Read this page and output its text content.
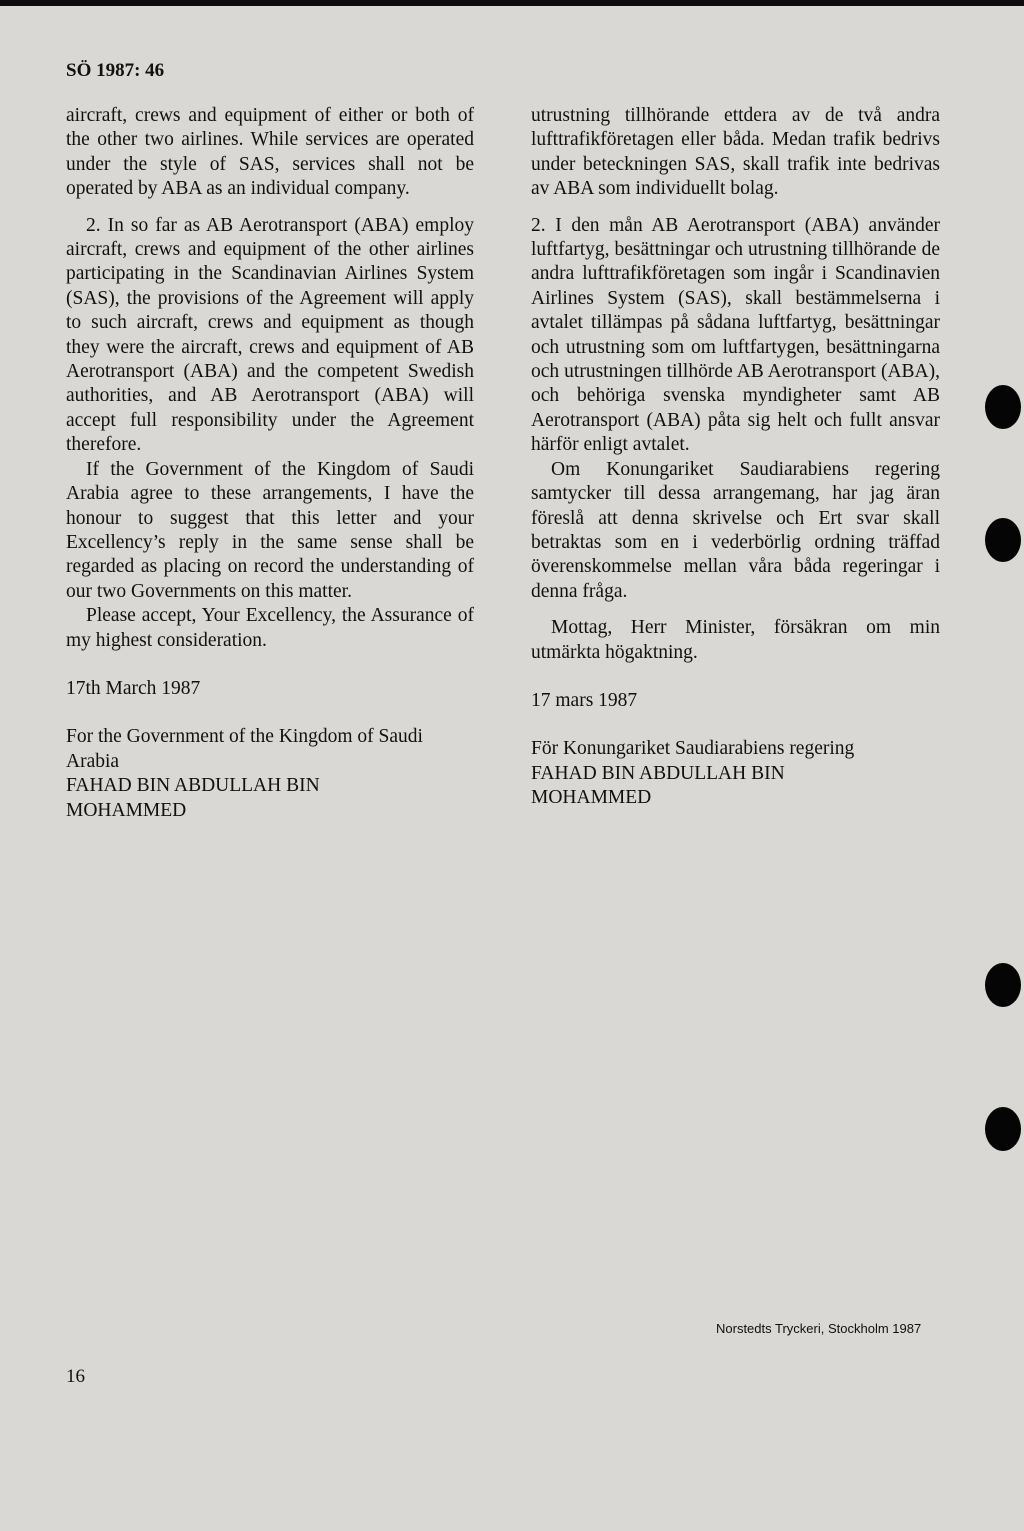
SÖ 1987: 46

aircraft, crews and equipment of either or both of the other two airlines. While services are operated under the style of SAS, services shall not be operated by ABA as an individual company.

2. In so far as AB Aerotransport (ABA) employ aircraft, crews and equipment of the other airlines participating in the Scandinavian Airlines System (SAS), the provisions of the Agreement will apply to such aircraft, crews and equipment as though they were the aircraft, crews and equipment of AB Aerotransport (ABA) and the competent Swedish authorities, and AB Aerotransport (ABA) will accept full responsibility under the Agreement therefore.

If the Government of the Kingdom of Saudi Arabia agree to these arrangements, I have the honour to suggest that this letter and your Excellency’s reply in the same sense shall be regarded as placing on record the understanding of our two Governments on this matter.

Please accept, Your Excellency, the Assurance of my highest consideration.

17th March 1987
For the Government of the Kingdom of Saudi Arabia
FAHAD BIN ABDULLAH BIN
MOHAMMED

utrustning tillhörande ettdera av de två andra lufttrafikföretagen eller båda. Medan trafik bedrivs under beteckningen SAS, skall trafik inte bedrivas av ABA som individuellt bolag.

2. I den mån AB Aerotransport (ABA) använder luftfartyg, besättningar och utrustning tillhörande de andra lufttrafikföretagen som ingår i Scandinavien Airlines System (SAS), skall bestämmelserna i avtalet tillämpas på sådana luftfartyg, besättningar och utrustning som om luftfartygen, besättningarna och utrustningen tillhörde AB Aerotransport (ABA), och behöriga svenska myndigheter samt AB Aerotransport (ABA) påta sig helt och fullt ansvar härför enligt avtalet.

Om Konungariket Saudiarabiens regering samtycker till dessa arrangemang, har jag äran föreslå att denna skrivelse och Ert svar skall betraktas som en i vederbörlig ordning träffad överenskommelse mellan våra båda regeringar i denna fråga.

Mottag, Herr Minister, försäkran om min utmärkta högaktning.

17 mars 1987
För Konungariket Saudiarabiens regering
FAHAD BIN ABDULLAH BIN
MOHAMMED
Norstedts Tryckeri, Stockholm 1987
16
